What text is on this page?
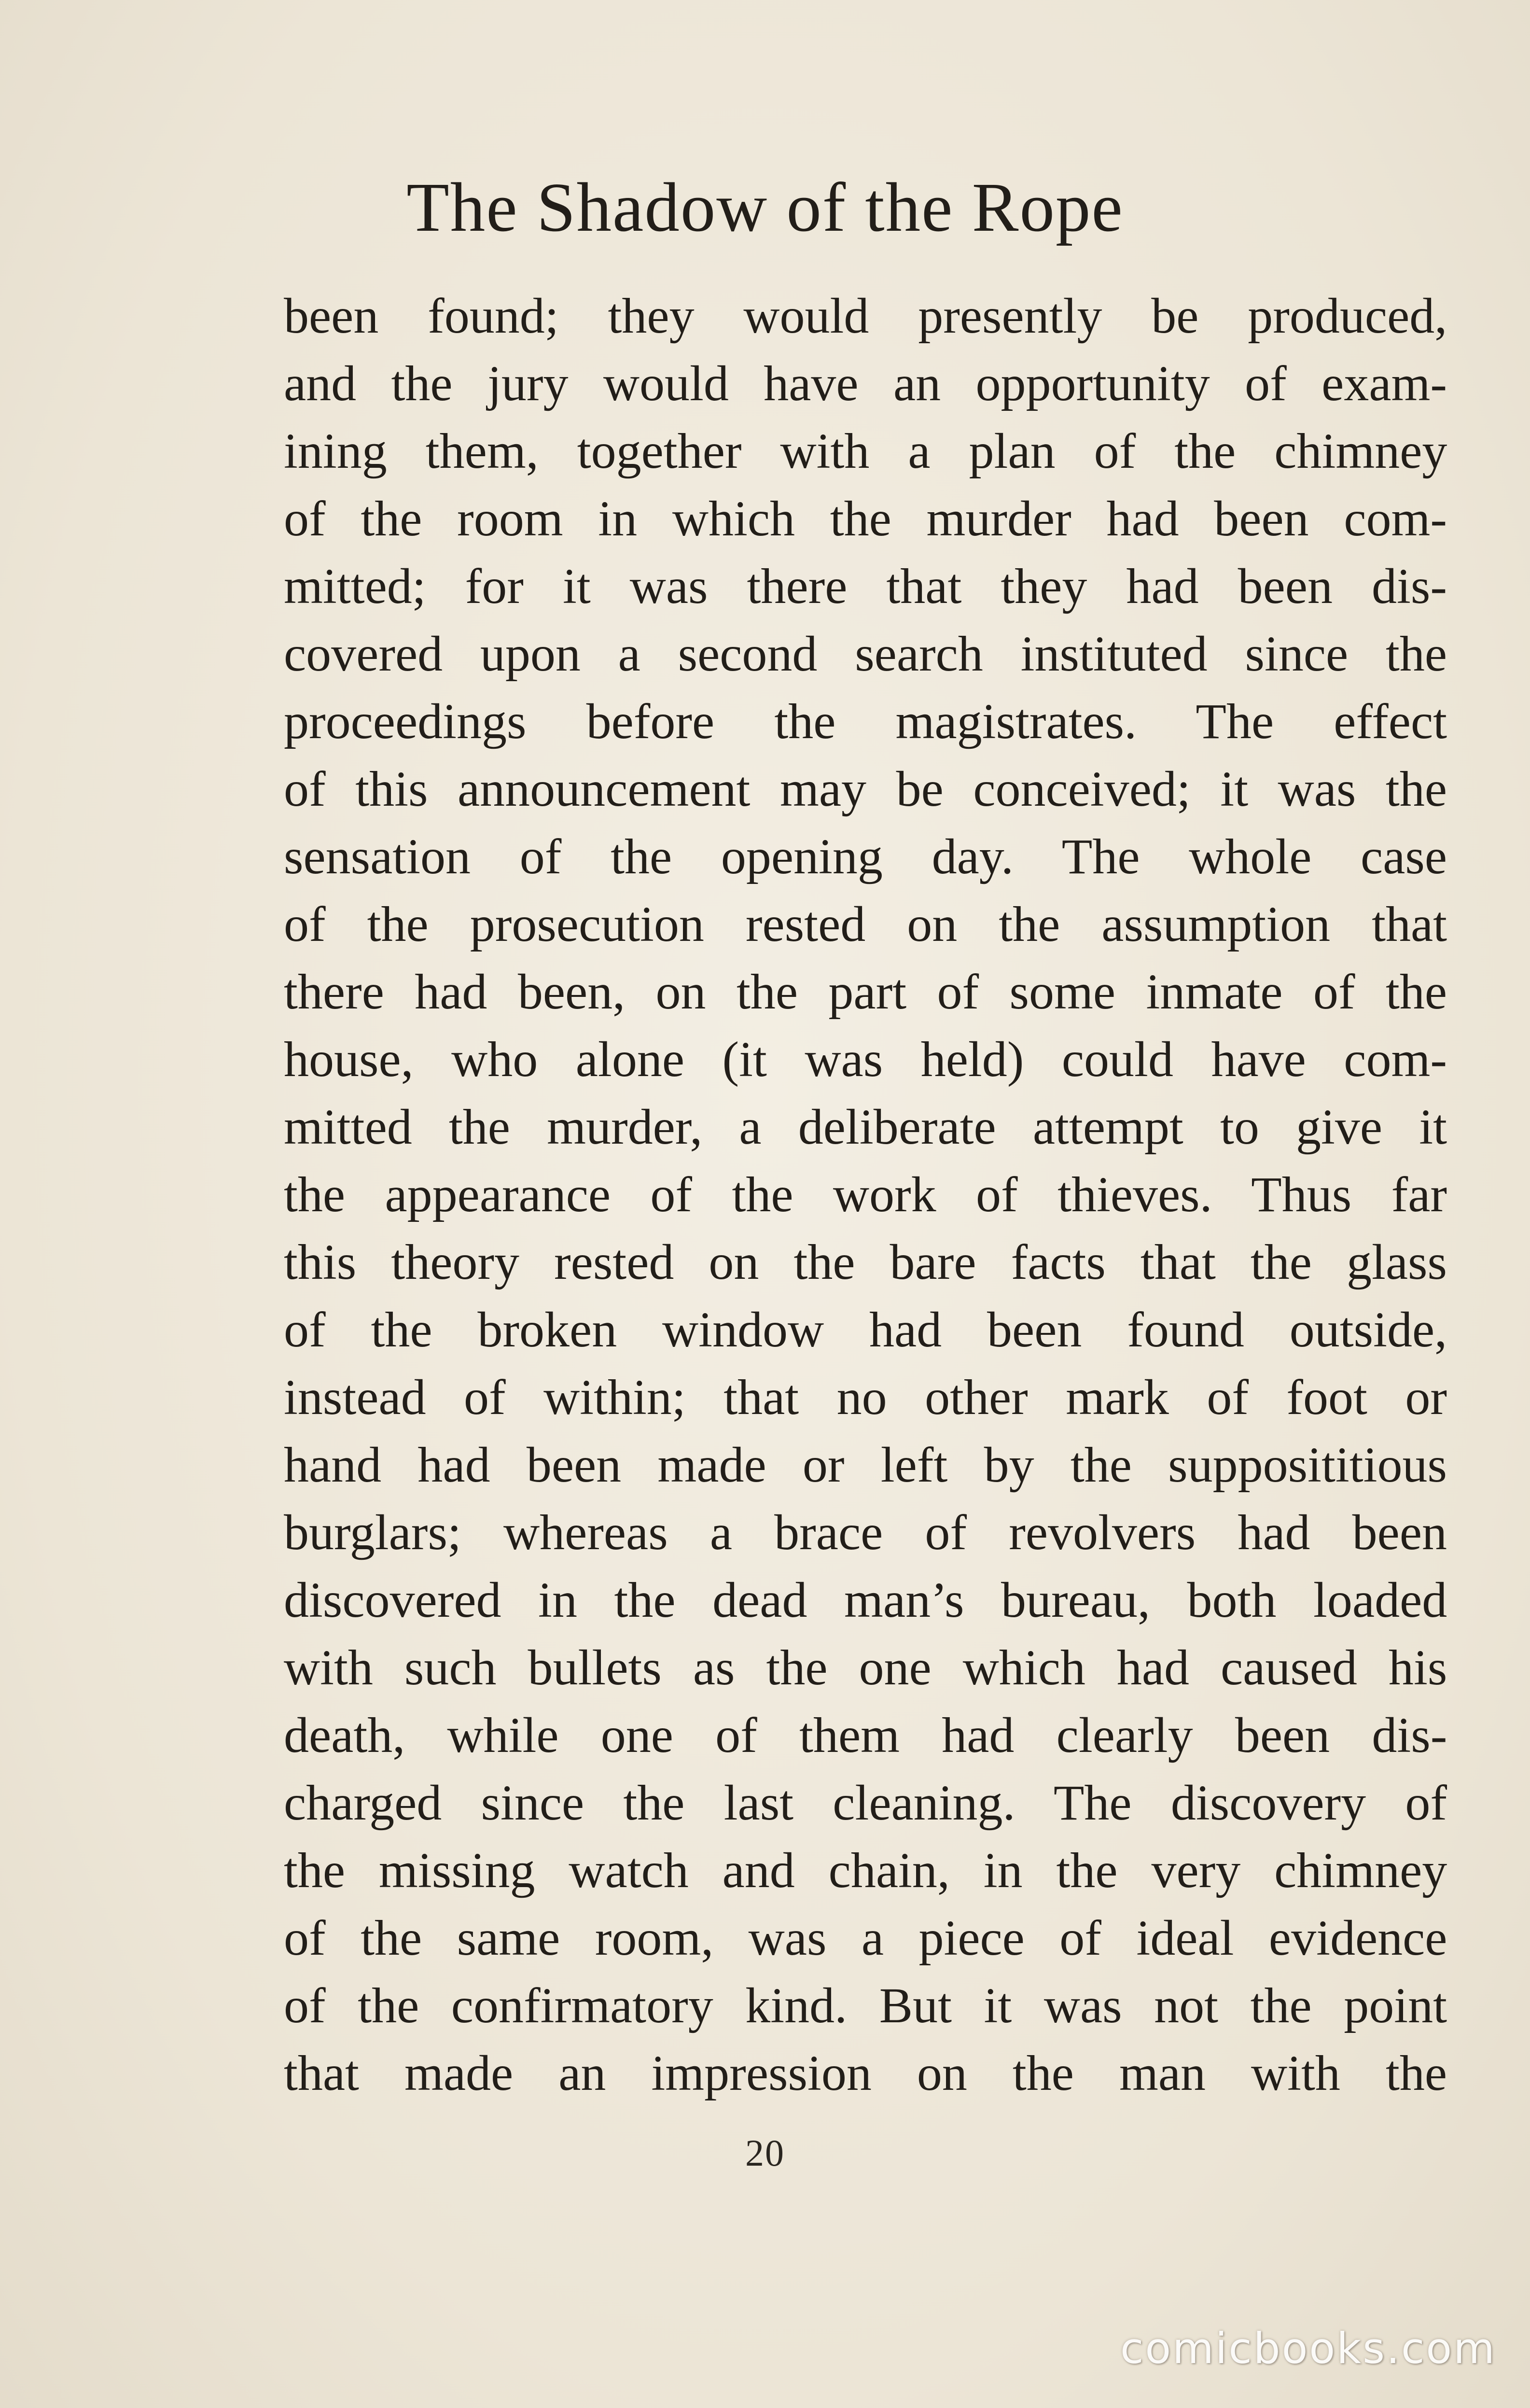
The Shadow of the Rope
been found; they would presently be produced,
and the jury would have an opportunity of exam-
ining them, together with a plan of the chimney
of the room in which the murder had been com-
mitted; for it was there that they had been dis-
covered upon a second search instituted since the
proceedings before the magistrates. The effect
of this announcement may be conceived; it was the
sensation of the opening day. The whole case
of the prosecution rested on the assumption that
there had been, on the part of some inmate of the
house, who alone (it was held) could have com-
mitted the murder, a deliberate attempt to give it
the appearance of the work of thieves. Thus far
this theory rested on the bare facts that the glass
of the broken window had been found outside,
instead of within; that no other mark of foot or
hand had been made or left by the supposititious
burglars; whereas a brace of revolvers had been
discovered in the dead man’s bureau, both loaded
with such bullets as the one which had caused his
death, while one of them had clearly been dis-
charged since the last cleaning. The discovery of
the missing watch and chain, in the very chimney
of the same room, was a piece of ideal evidence
of the confirmatory kind. But it was not the point
that made an impression on the man with the
20
comicbooks.com
